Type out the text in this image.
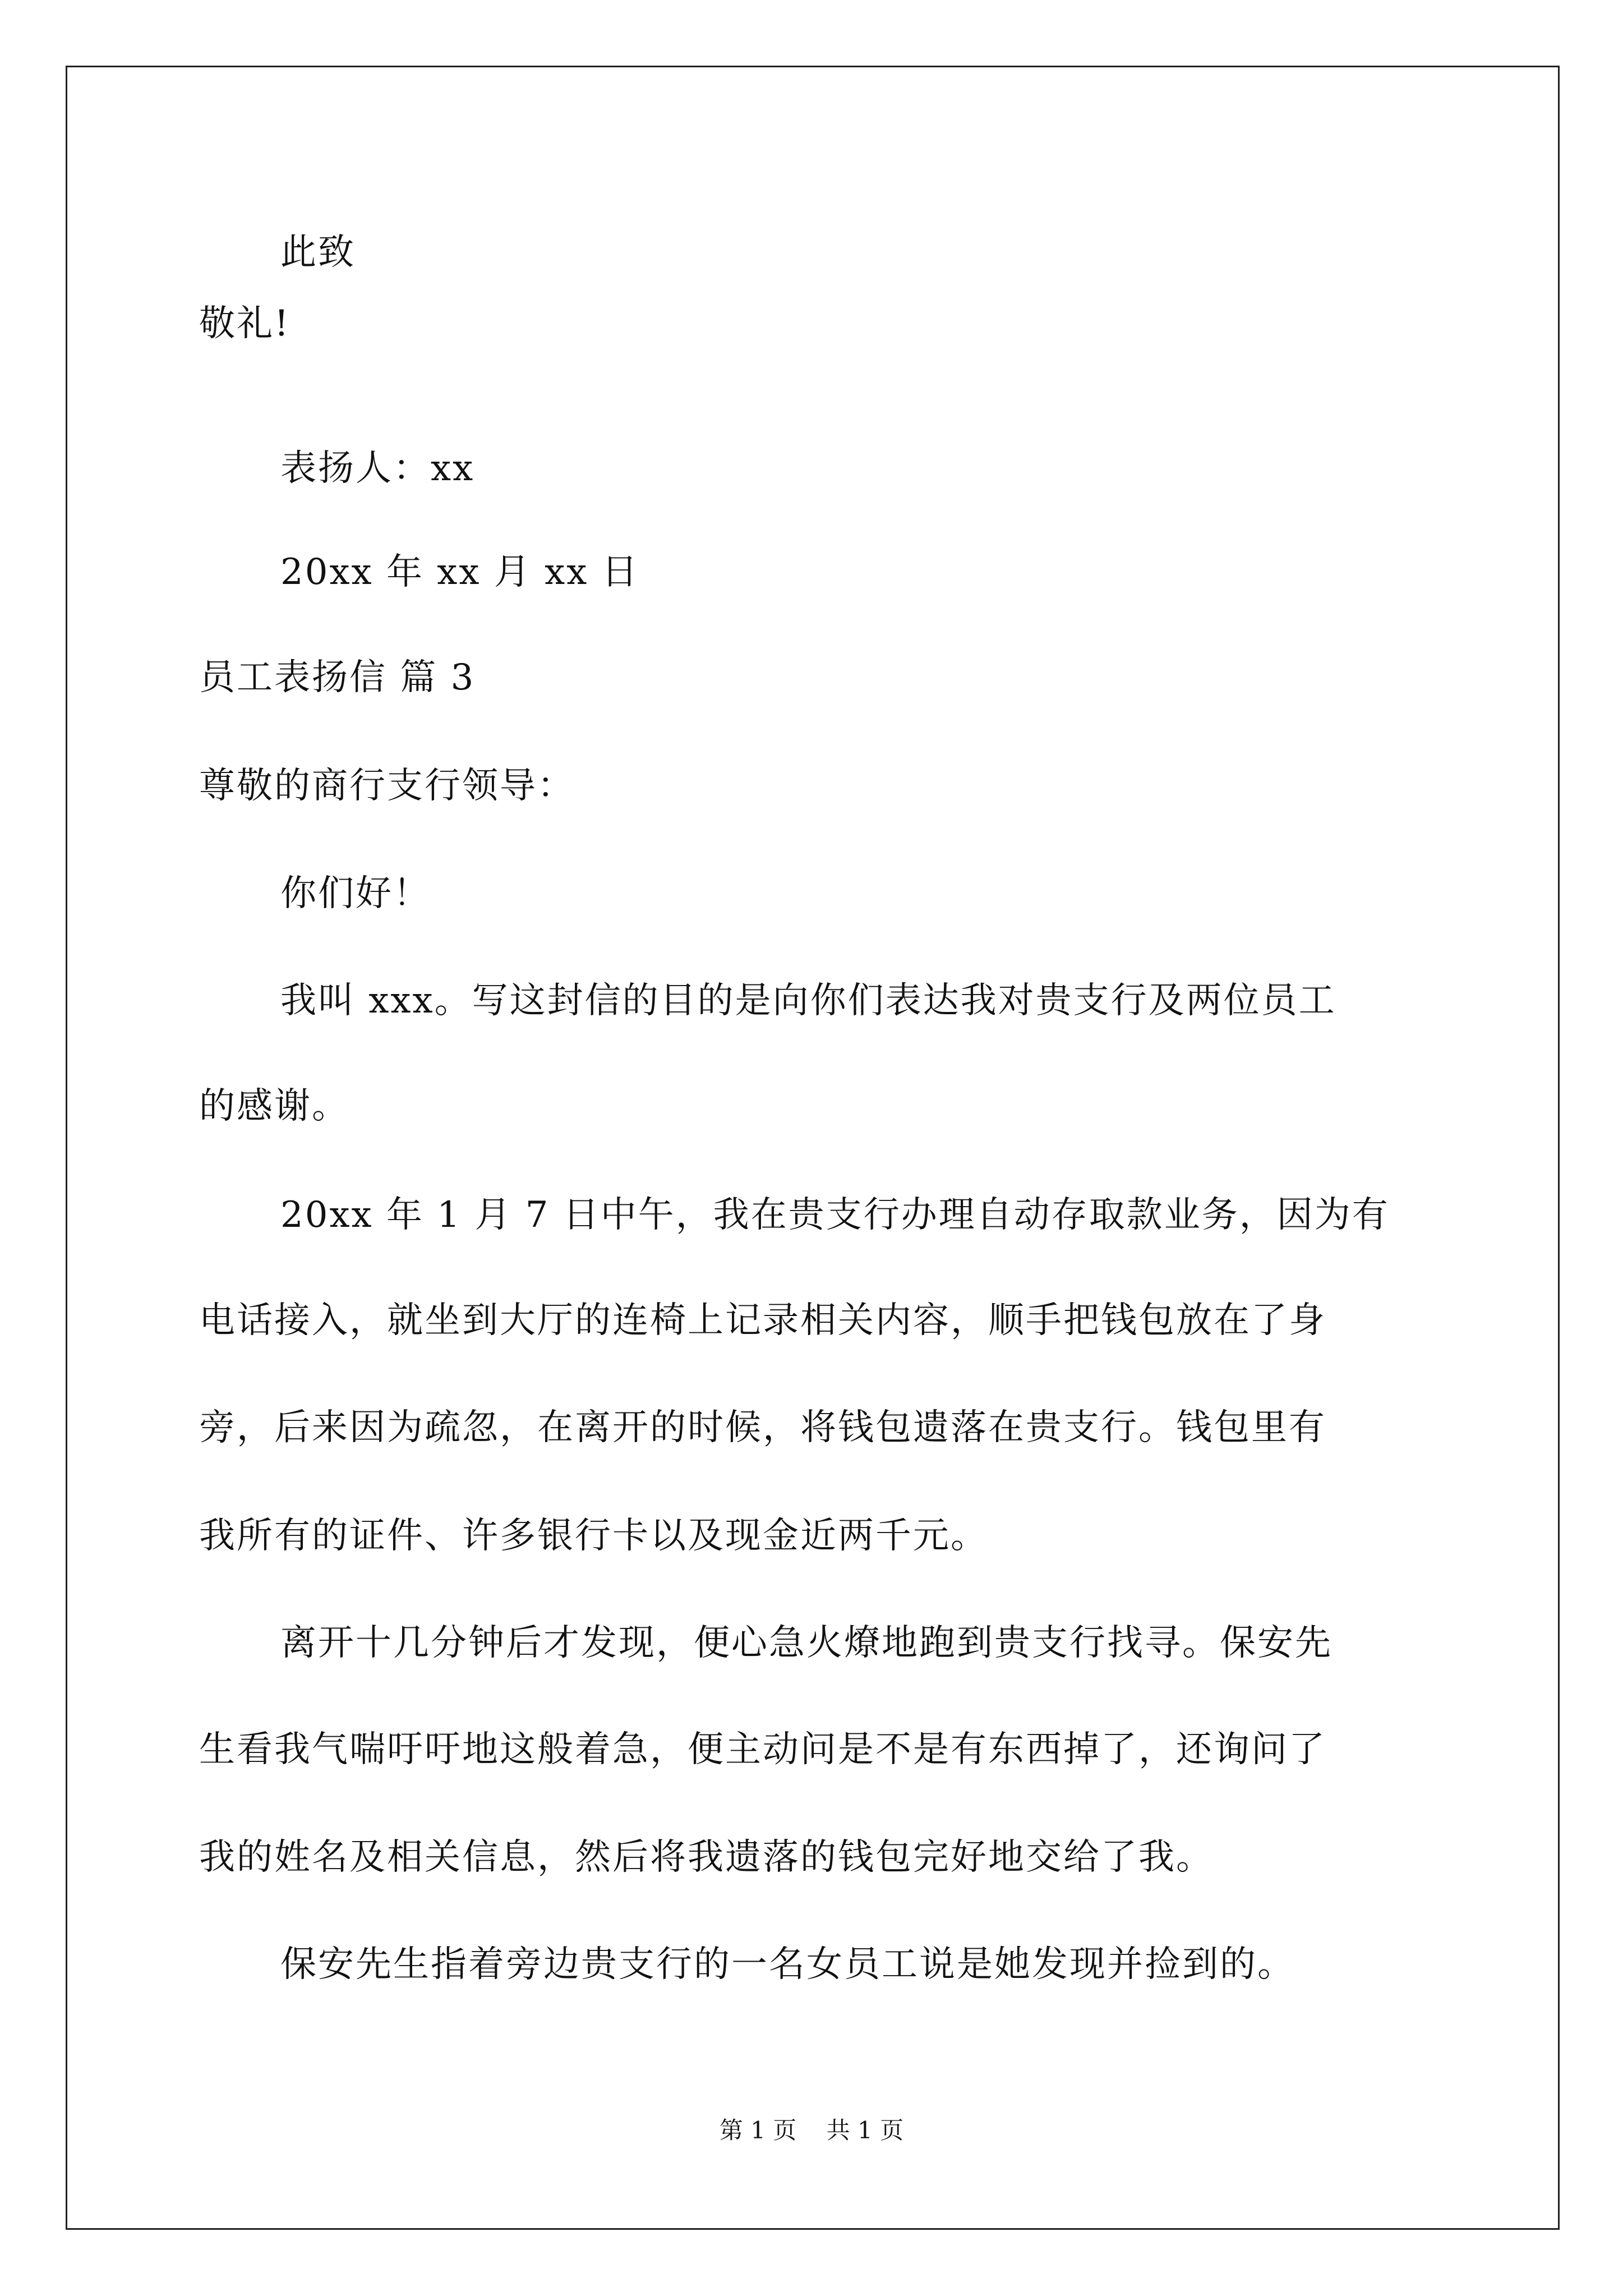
此致
敬礼!
表扬人：xx
20xx 年 xx 月 xx 日
员工表扬信 篇 3
尊敬的商行支行领导：
你们好！
我叫 xxx。写这封信的目的是向你们表达我对贵支行及两位员工
的感谢。
20xx 年 1 月 7 日中午，我在贵支行办理自动存取款业务，因为有
电话接入，就坐到大厅的连椅上记录相关内容，顺手把钱包放在了身
旁，后来因为疏忽，在离开的时候，将钱包遗落在贵支行。钱包里有
我所有的证件、许多银行卡以及现金近两千元。
离开十几分钟后才发现，便心急火燎地跑到贵支行找寻。保安先
生看我气喘吁吁地这般着急，便主动问是不是有东西掉了，还询问了
我的姓名及相关信息，然后将我遗落的钱包完好地交给了我。
保安先生指着旁边贵支行的一名女员工说是她发现并捡到的。
第 1 页 共 1 页
